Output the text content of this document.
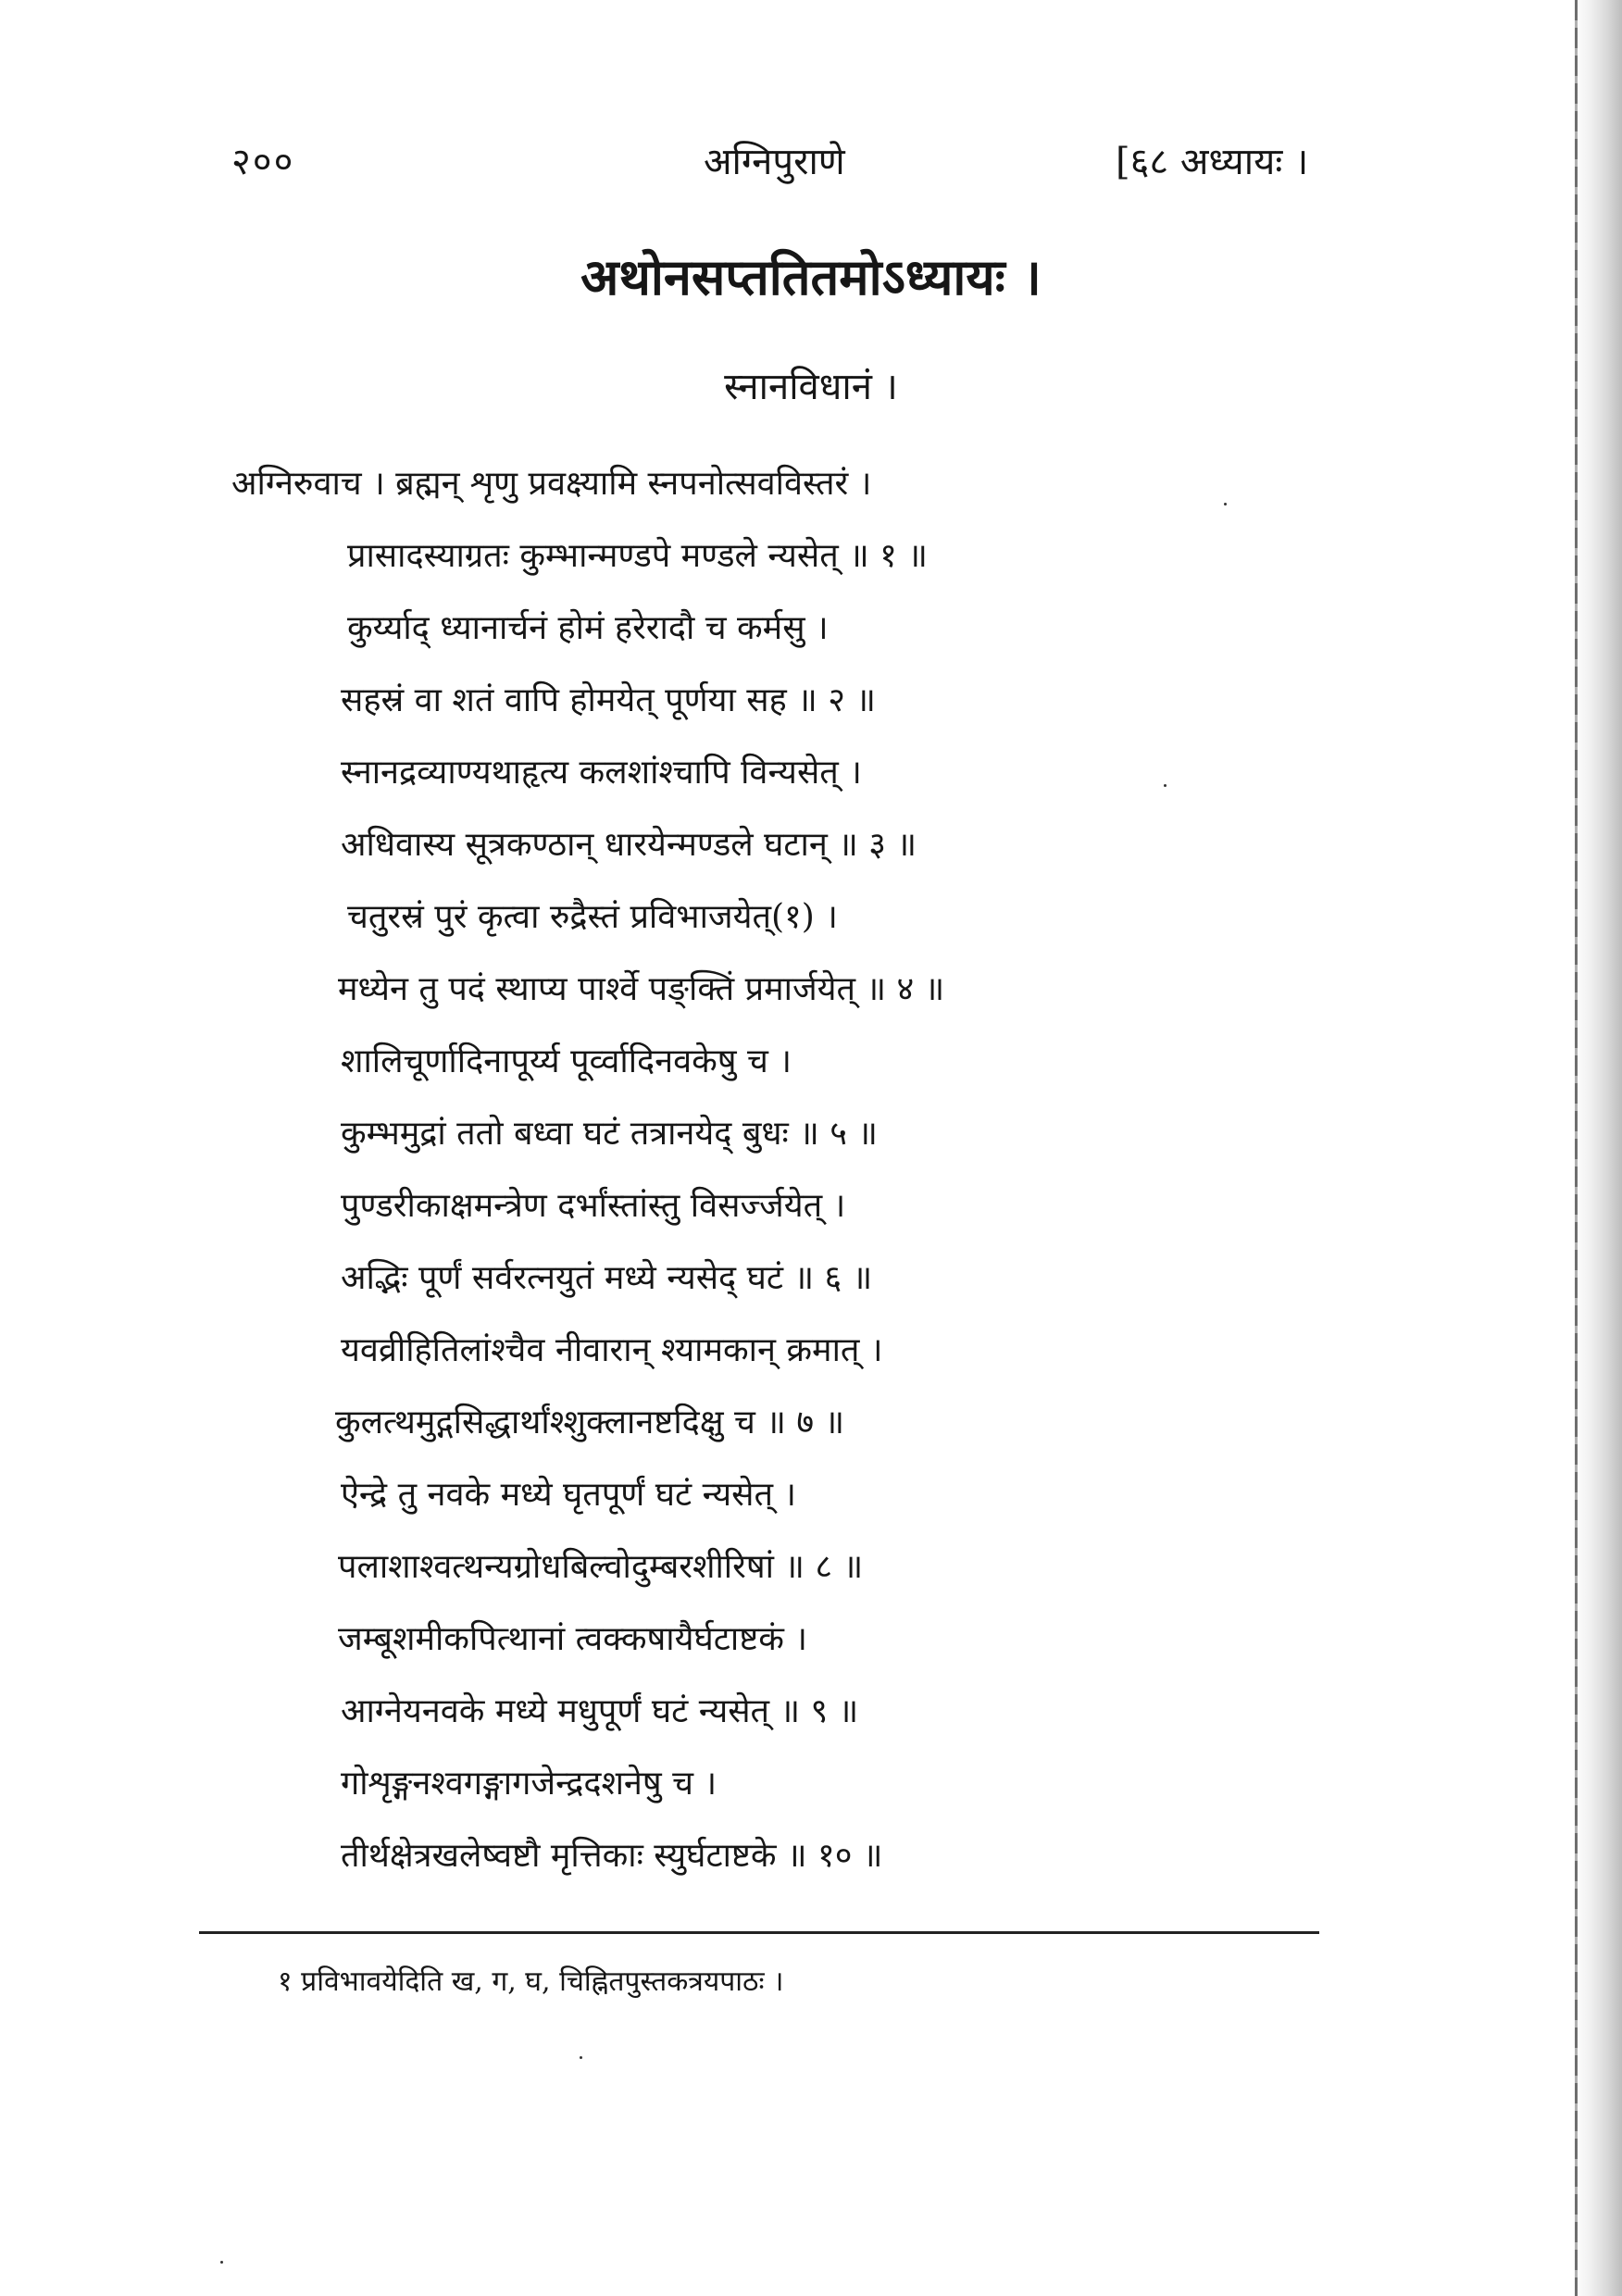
२००	अग्निपुराणे	[६८ अध्यायः ।
अथोनसप्ततितमोऽध्यायः ।
स्नानविधानं ।
अग्निरुवाच । ब्रह्मन् शृणु प्रवक्ष्यामि स्नपनोत्सवविस्तरं ।
प्रासादस्याग्रतः कुम्भान्मण्डपे मण्डले न्यसेत् ॥ १ ॥
कुर्य्याद् ध्यानार्चनं होमं हरेरादौ च कर्मसु ।
सहस्रं वा शतं वापि होमयेत् पूर्णया सह ॥ २ ॥
स्नानद्रव्याण्यथाहृत्य कलशांश्चापि विन्यसेत् ।
अधिवास्य सूत्रकण्ठान् धारयेन्मण्डले घटान् ॥ ३ ॥
चतुरस्रं पुरं कृत्वा रुद्रैस्तं प्रविभाजयेत्(१) ।
मध्येन तु पदं स्थाप्य पार्श्वे पङ्क्तिं प्रमार्जयेत् ॥ ४ ॥
शालिचूर्णादिनापूर्य्य पूर्व्वादिनवकेषु च ।
कुम्भमुद्रां ततो बध्वा घटं तत्रानयेद् बुधः ॥ ५ ॥
पुण्डरीकाक्षमन्त्रेण दर्भांस्तांस्तु विसर्ज्जयेत् ।
अद्भिः पूर्णं सर्वरत्नयुतं मध्ये न्यसेद् घटं ॥ ६ ॥
यवव्रीहितिलांश्चैव नीवारान् श्यामकान् क्रमात् ।
कुलत्थमुद्गसिद्धार्थांश्शुक्लानष्टदिक्षु च ॥ ७ ॥
ऐन्द्रे तु नवके मध्ये घृतपूर्णं घटं न्यसेत् ।
पलाशाश्वत्थन्यग्रोधबिल्वोदुम्बरशीरिषां ॥ ८ ॥
जम्बूशमीकपित्थानां त्वक्कषायैर्घटाष्टकं ।
आग्नेयनवके मध्ये मधुपूर्णं घटं न्यसेत् ॥ ९ ॥
गोशृङ्गनश्वगङ्गागजेन्द्रदशनेषु च ।
तीर्थक्षेत्रखलेष्वष्टौ मृत्तिकाः स्युर्घटाष्टके ॥ १० ॥
१ प्रविभावयेदिति ख, ग, घ, चिह्नितपुस्तकत्रयपाठः ।
